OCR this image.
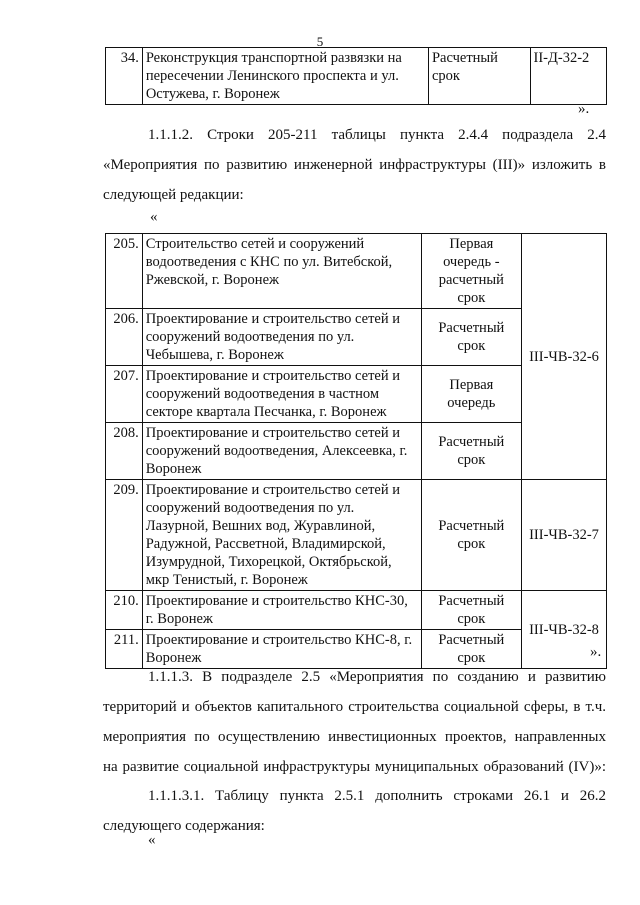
5
34.	Реконструкция транспортной развязки на пересечении Ленинского проспекта и ул. Остужева, г. Воронеж	Расчетный срок	II-Д-32-2
».
1.1.1.2. Строки 205-211 таблицы пункта 2.4.4 подраздела 2.4
«Мероприятия по развитию инженерной инфраструктуры (III)» изложить в
следующей редакции:
«
205.	Строительство сетей и сооружений водоотведения с КНС по ул. Витебской, Ржевской, г. Воронеж	Первая очередь - расчетный срок	III-ЧВ-32-6
206.	Проектирование и строительство сетей и сооружений водоотведения по ул. Чебышева, г. Воронеж	Расчетный срок	
207.	Проектирование и строительство сетей и сооружений водоотведения в частном секторе квартала Песчанка, г. Воронеж	Первая очередь	
208.	Проектирование и строительство сетей и сооружений водоотведения, Алексеевка, г. Воронеж	Расчетный срок	
209.	Проектирование и строительство сетей и сооружений водоотведения по ул. Лазурной, Вешних вод, Журавлиной, Радужной, Рассветной, Владимирской, Изумрудной, Тихорецкой, Октябрьской, мкр Тенистый, г. Воронеж	Расчетный срок	III-ЧВ-32-7
210.	Проектирование и строительство КНС-30, г. Воронеж	Расчетный срок	III-ЧВ-32-8
211.	Проектирование и строительство КНС-8, г. Воронеж	Расчетный срок		».
1.1.1.3. В подразделе 2.5 «Мероприятия по созданию и развитию
территорий и объектов капитального строительства социальной сферы, в т.ч.
мероприятия по осуществлению инвестиционных проектов, направленных
на развитие социальной инфраструктуры муниципальных образований (IV)»:
1.1.1.3.1. Таблицу пункта 2.5.1 дополнить строками 26.1 и 26.2
следующего содержания:
«
